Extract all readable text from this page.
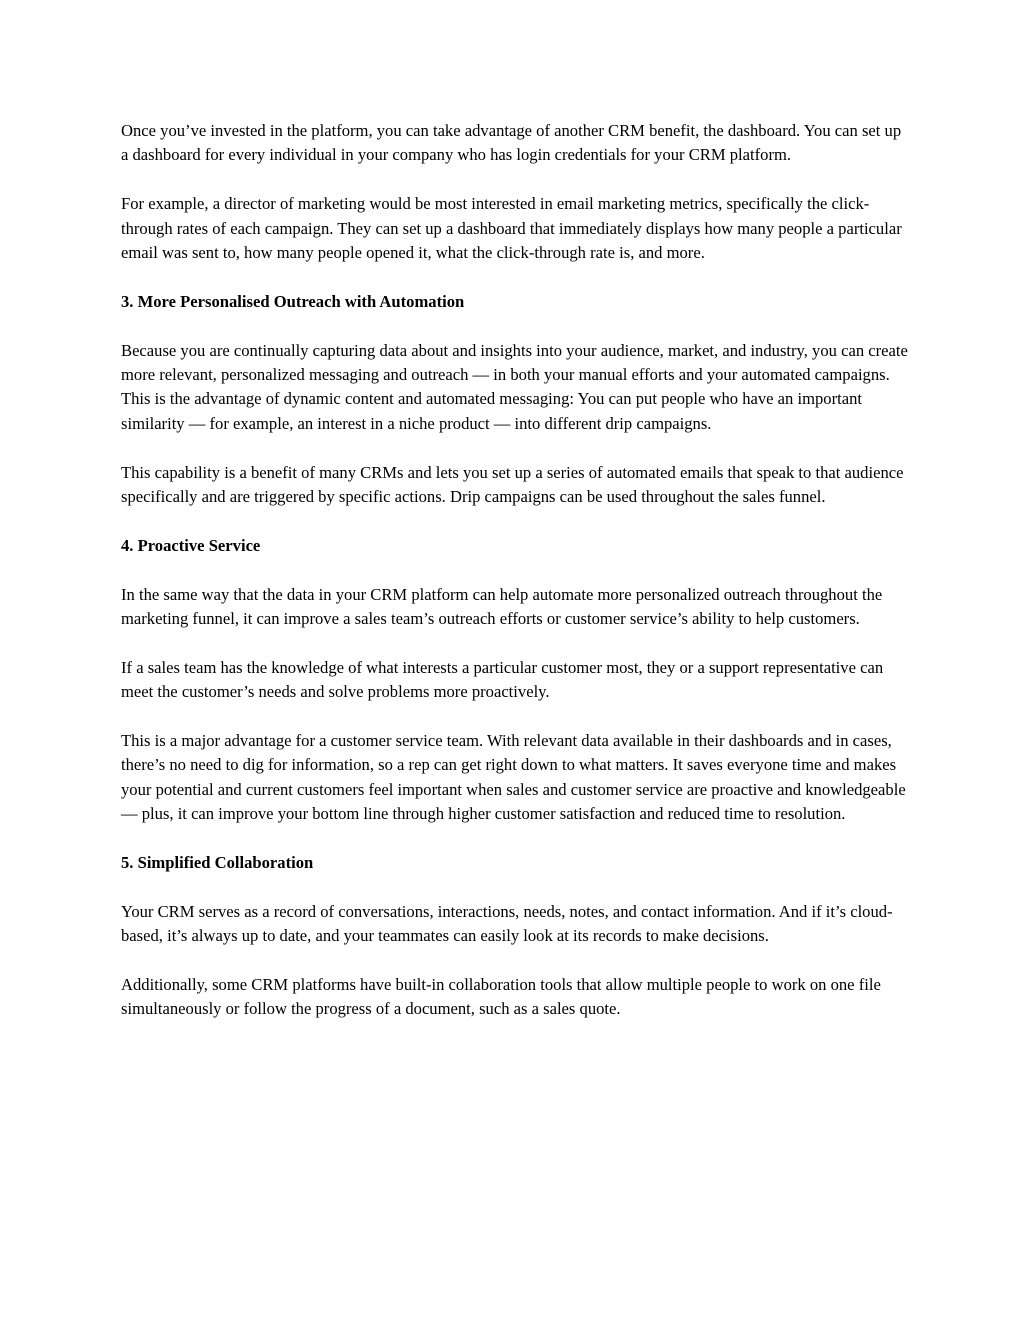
Once you’ve invested in the platform, you can take advantage of another CRM benefit, the dashboard. You can set up a dashboard for every individual in your company who has login credentials for your CRM platform.

For example, a director of marketing would be most interested in email marketing metrics, specifically the click-through rates of each campaign. They can set up a dashboard that immediately displays how many people a particular email was sent to, how many people opened it, what the click-through rate is, and more.

3. More Personalised Outreach with Automation

Because you are continually capturing data about and insights into your audience, market, and industry, you can create more relevant, personalized messaging and outreach — in both your manual efforts and your automated campaigns. This is the advantage of dynamic content and automated messaging: You can put people who have an important similarity — for example, an interest in a niche product — into different drip campaigns.

This capability is a benefit of many CRMs and lets you set up a series of automated emails that speak to that audience specifically and are triggered by specific actions. Drip campaigns can be used throughout the sales funnel.

4. Proactive Service

In the same way that the data in your CRM platform can help automate more personalized outreach throughout the marketing funnel, it can improve a sales team’s outreach efforts or customer service’s ability to help customers.

If a sales team has the knowledge of what interests a particular customer most, they or a support representative can meet the customer’s needs and solve problems more proactively.

This is a major advantage for a customer service team. With relevant data available in their dashboards and in cases, there’s no need to dig for information, so a rep can get right down to what matters. It saves everyone time and makes your potential and current customers feel important when sales and customer service are proactive and knowledgeable — plus, it can improve your bottom line through higher customer satisfaction and reduced time to resolution.

5. Simplified Collaboration

Your CRM serves as a record of conversations, interactions, needs, notes, and contact information. And if it’s cloud-based, it’s always up to date, and your teammates can easily look at its records to make decisions.

Additionally, some CRM platforms have built-in collaboration tools that allow multiple people to work on one file simultaneously or follow the progress of a document, such as a sales quote.
